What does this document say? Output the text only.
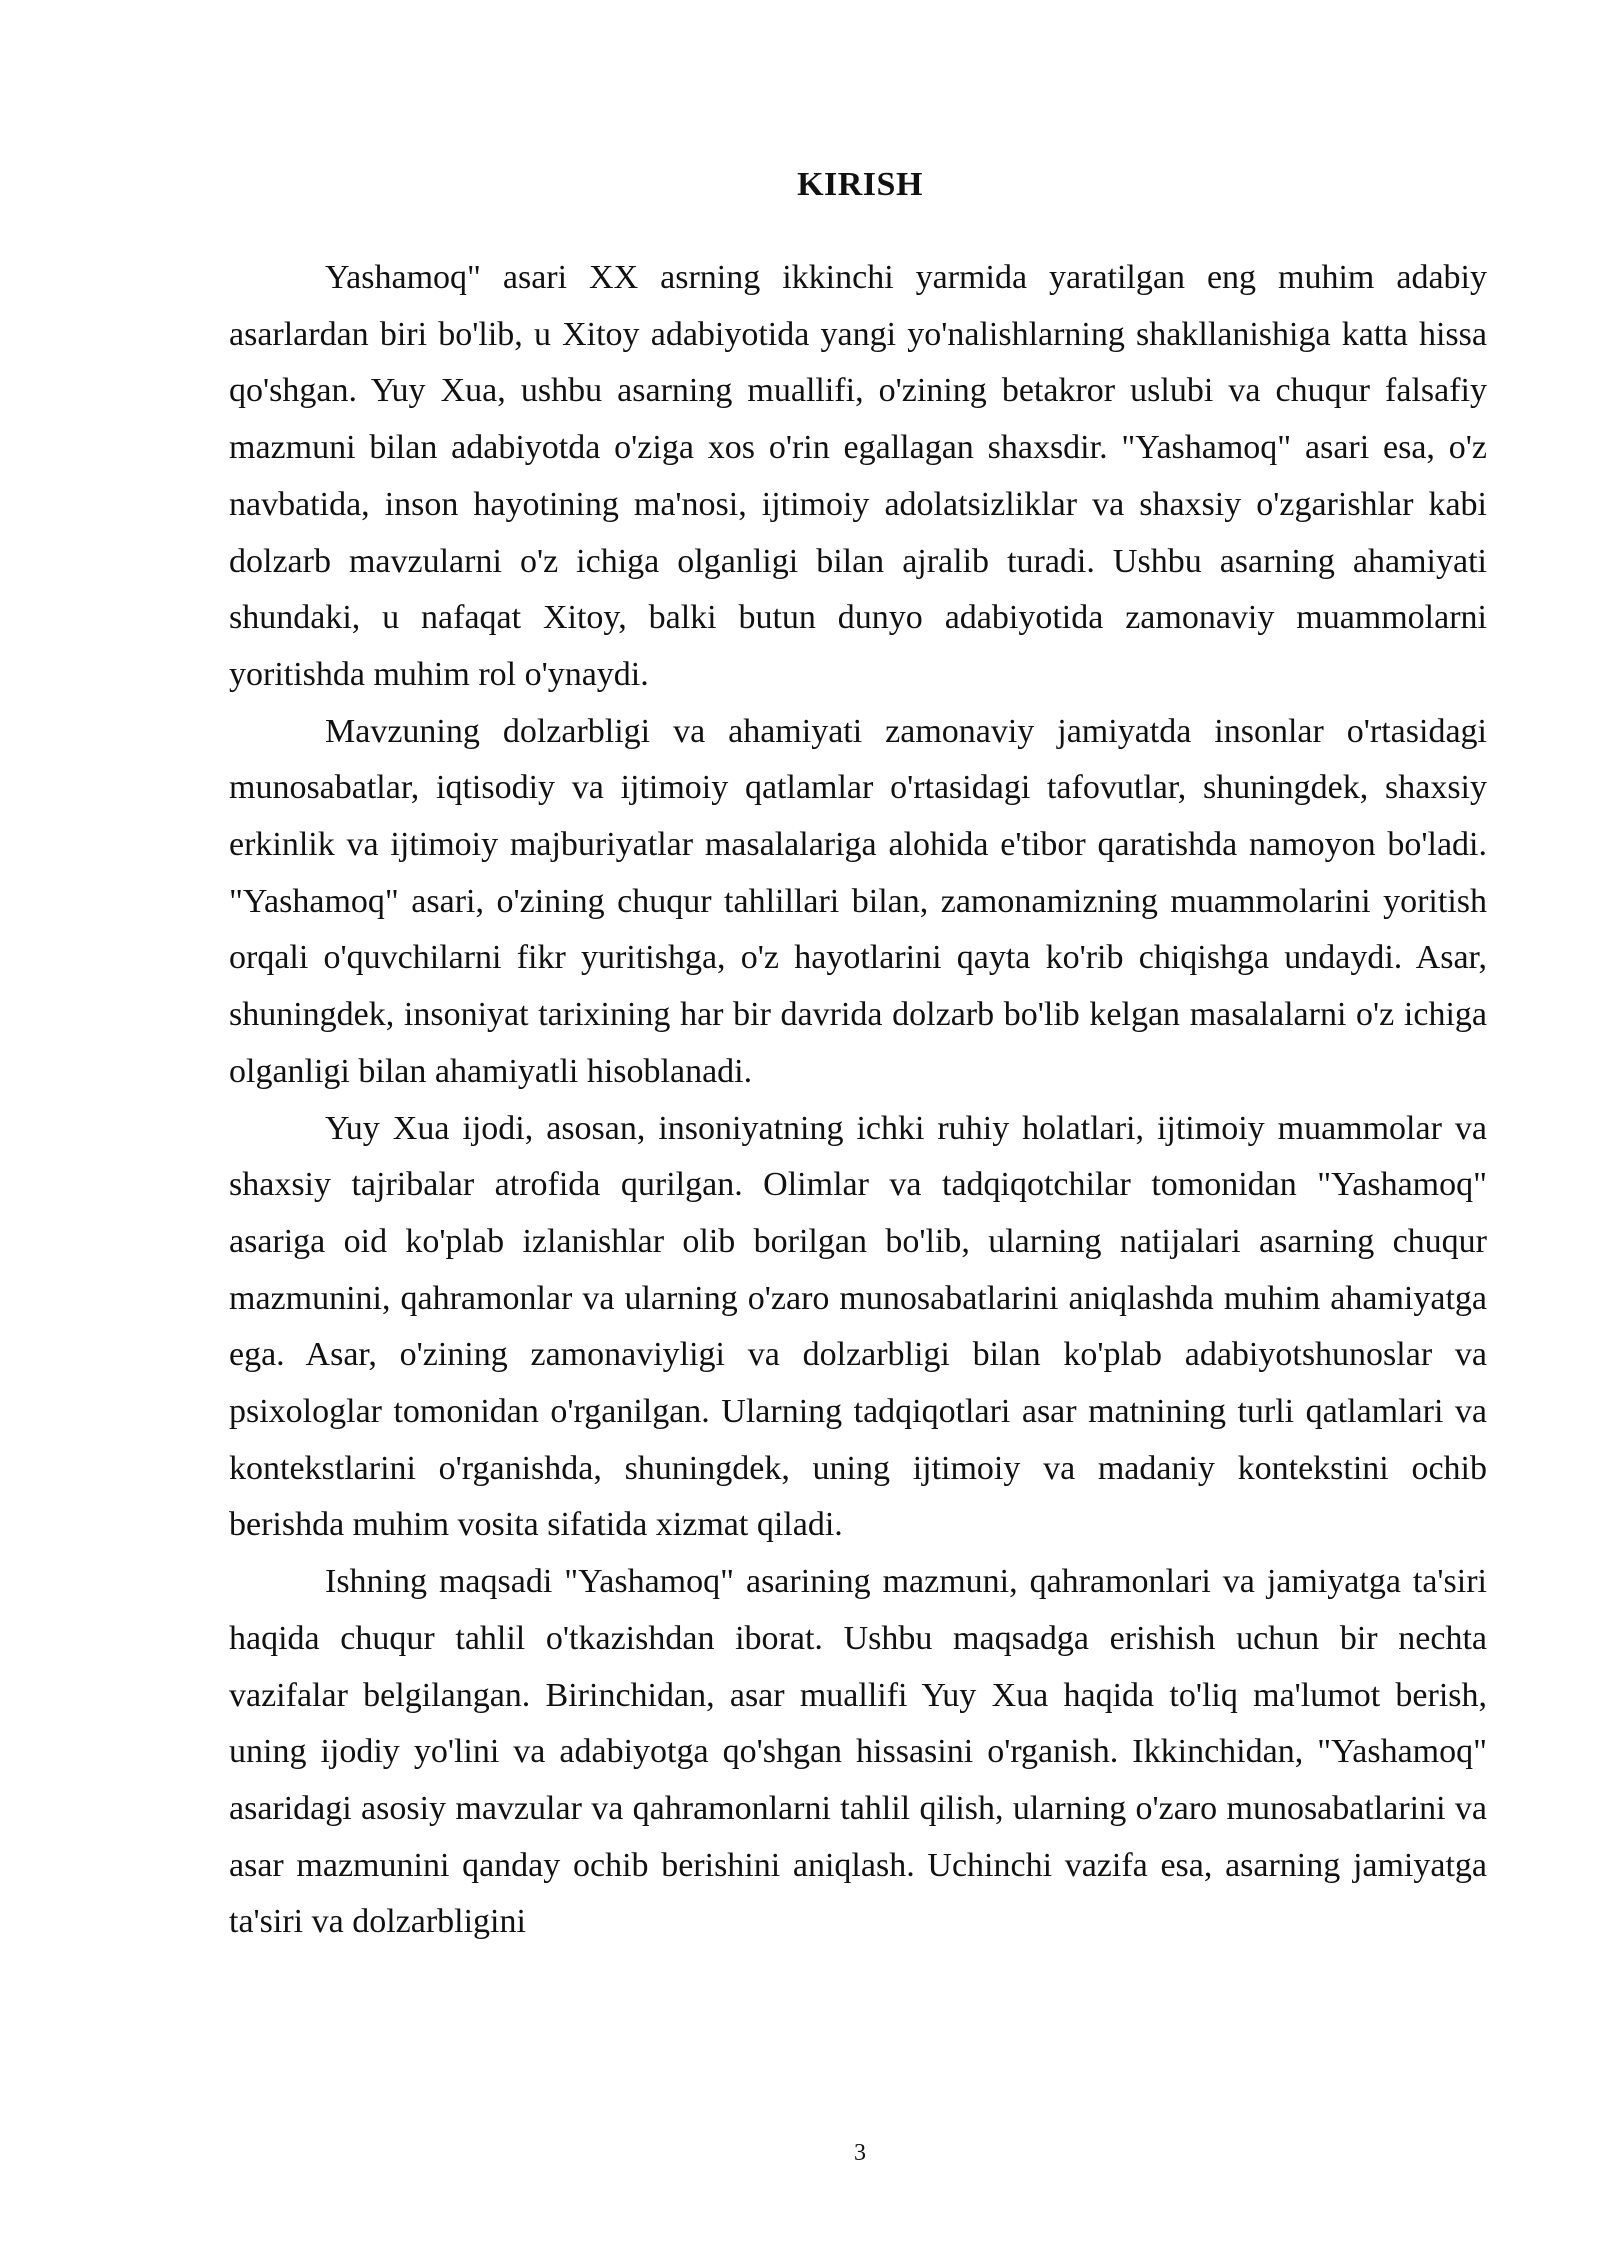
KIRISH

Yashamoq" asari XX asrning ikkinchi yarmida yaratilgan eng muhim adabiy asarlardan biri bo'lib, u Xitoy adabiyotida yangi yo'nalishlarning shakllanishiga katta hissa qo'shgan. Yuy Xua, ushbu asarning muallifi, o'zining betakror uslubi va chuqur falsafiy mazmuni bilan adabiyotda o'ziga xos o'rin egallagan shaxsdir. "Yashamoq" asari esa, o'z navbatida, inson hayotining ma'nosi, ijtimoiy adolatsizliklar va shaxsiy o'zgarishlar kabi dolzarb mavzularni o'z ichiga olganligi bilan ajralib turadi. Ushbu asarning ahamiyati shundaki, u nafaqat Xitoy, balki butun dunyo adabiyotida zamonaviy muammolarni yoritishda muhim rol o'ynaydi.

Mavzuning dolzarbligi va ahamiyati zamonaviy jamiyatda insonlar o'rtasidagi munosabatlar, iqtisodiy va ijtimoiy qatlamlar o'rtasidagi tafovutlar, shuningdek, shaxsiy erkinlik va ijtimoiy majburiyatlar masalalariga alohida e'tibor qaratishda namoyon bo'ladi. "Yashamoq" asari, o'zining chuqur tahlillari bilan, zamonamizning muammolarini yoritish orqali o'quvchilarni fikr yuritishga, o'z hayotlarini qayta ko'rib chiqishga undaydi. Asar, shuningdek, insoniyat tarixining har bir davrida dolzarb bo'lib kelgan masalalarni o'z ichiga olganligi bilan ahamiyatli hisoblanadi.

Yuy Xua ijodi, asosan, insoniyatning ichki ruhiy holatlari, ijtimoiy muammolar va shaxsiy tajribalar atrofida qurilgan. Olimlar va tadqiqotchilar tomonidan "Yashamoq" asariga oid ko'plab izlanishlar olib borilgan bo'lib, ularning natijalari asarning chuqur mazmunini, qahramonlar va ularning o'zaro munosabatlarini aniqlashda muhim ahamiyatga ega. Asar, o'zining zamonaviyligi va dolzarbligi bilan ko'plab adabiyotshunoslar va psixologlar tomonidan o'rganilgan. Ularning tadqiqotlari asar matnining turli qatlamlari va kontekstlarini o'rganishda, shuningdek, uning ijtimoiy va madaniy kontekstini ochib berishda muhim vosita sifatida xizmat qiladi.

Ishning maqsadi "Yashamoq" asarining mazmuni, qahramonlari va jamiyatga ta'siri haqida chuqur tahlil o'tkazishdan iborat. Ushbu maqsadga erishish uchun bir nechta vazifalar belgilangan. Birinchidan, asar muallifi Yuy Xua haqida to'liq ma'lumot berish, uning ijodiy yo'lini va adabiyotga qo'shgan hissasini o'rganish. Ikkinchidan, "Yashamoq" asaridagi asosiy mavzular va qahramonlarni tahlil qilish, ularning o'zaro munosabatlarini va asar mazmunini qanday ochib berishini aniqlash. Uchinchi vazifa esa, asarning jamiyatga ta'siri va dolzarbligini

3
